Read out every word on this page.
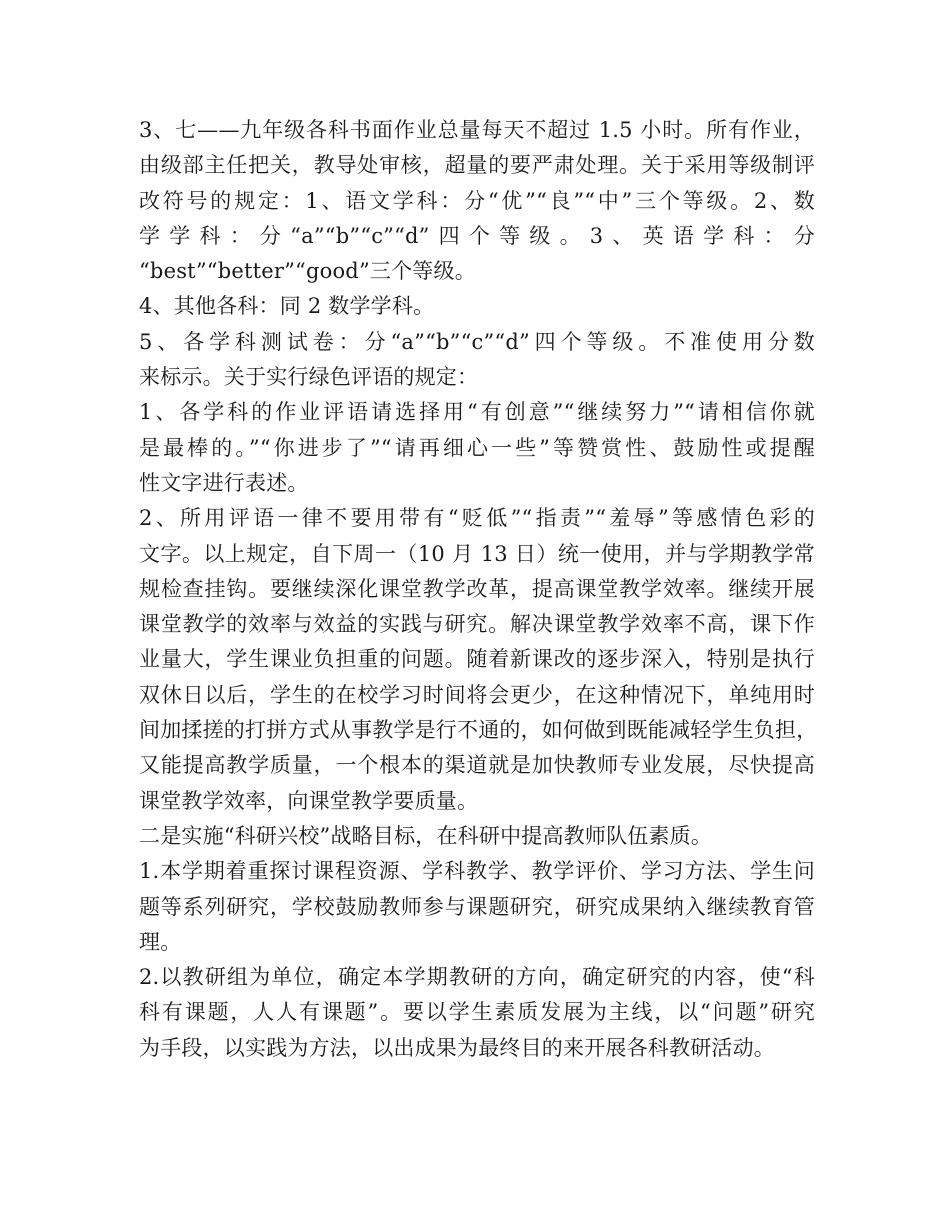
3、七——九年级各科书面作业总量每天不超过 1.5 小时。所有作业，
由级部主任把关，教导处审核，超量的要严肃处理。关于采用等级制评
改符号的规定：1、语文学科：分“优”“良”“中”三个等级。2、数
学学科：分“a”“b”“c”“d”四个等级。3、英语学科：分
“best”“better”“good”三个等级。
4、其他各科：同 2 数学学科。
5、各学科测试卷：分“a”“b”“c”“d”四个等级。不准使用分数
来标示。关于实行绿色评语的规定：
1、各学科的作业评语请选择用“有创意”“继续努力”“请相信你就
是最棒的。”“你进步了”“请再细心一些”等赞赏性、鼓励性或提醒
性文字进行表述。
2、所用评语一律不要用带有“贬低”“指责”“羞辱”等感情色彩的
文字。以上规定，自下周一（10 月 13 日）统一使用，并与学期教学常
规检查挂钩。要继续深化课堂教学改革，提高课堂教学效率。继续开展
课堂教学的效率与效益的实践与研究。解决课堂教学效率不高，课下作
业量大，学生课业负担重的问题。随着新课改的逐步深入，特别是执行
双休日以后，学生的在校学习时间将会更少，在这种情况下，单纯用时
间加揉搓的打拼方式从事教学是行不通的，如何做到既能减轻学生负担，
又能提高教学质量，一个根本的渠道就是加快教师专业发展，尽快提高
课堂教学效率，向课堂教学要质量。
二是实施“科研兴校”战略目标，在科研中提高教师队伍素质。
1.本学期着重探讨课程资源、学科教学、教学评价、学习方法、学生问
题等系列研究，学校鼓励教师参与课题研究，研究成果纳入继续教育管
理。
2.以教研组为单位，确定本学期教研的方向，确定研究的内容，使“科
科有课题，人人有课题”。要以学生素质发展为主线，以“问题”研究
为手段，以实践为方法，以出成果为最终目的来开展各科教研活动。
